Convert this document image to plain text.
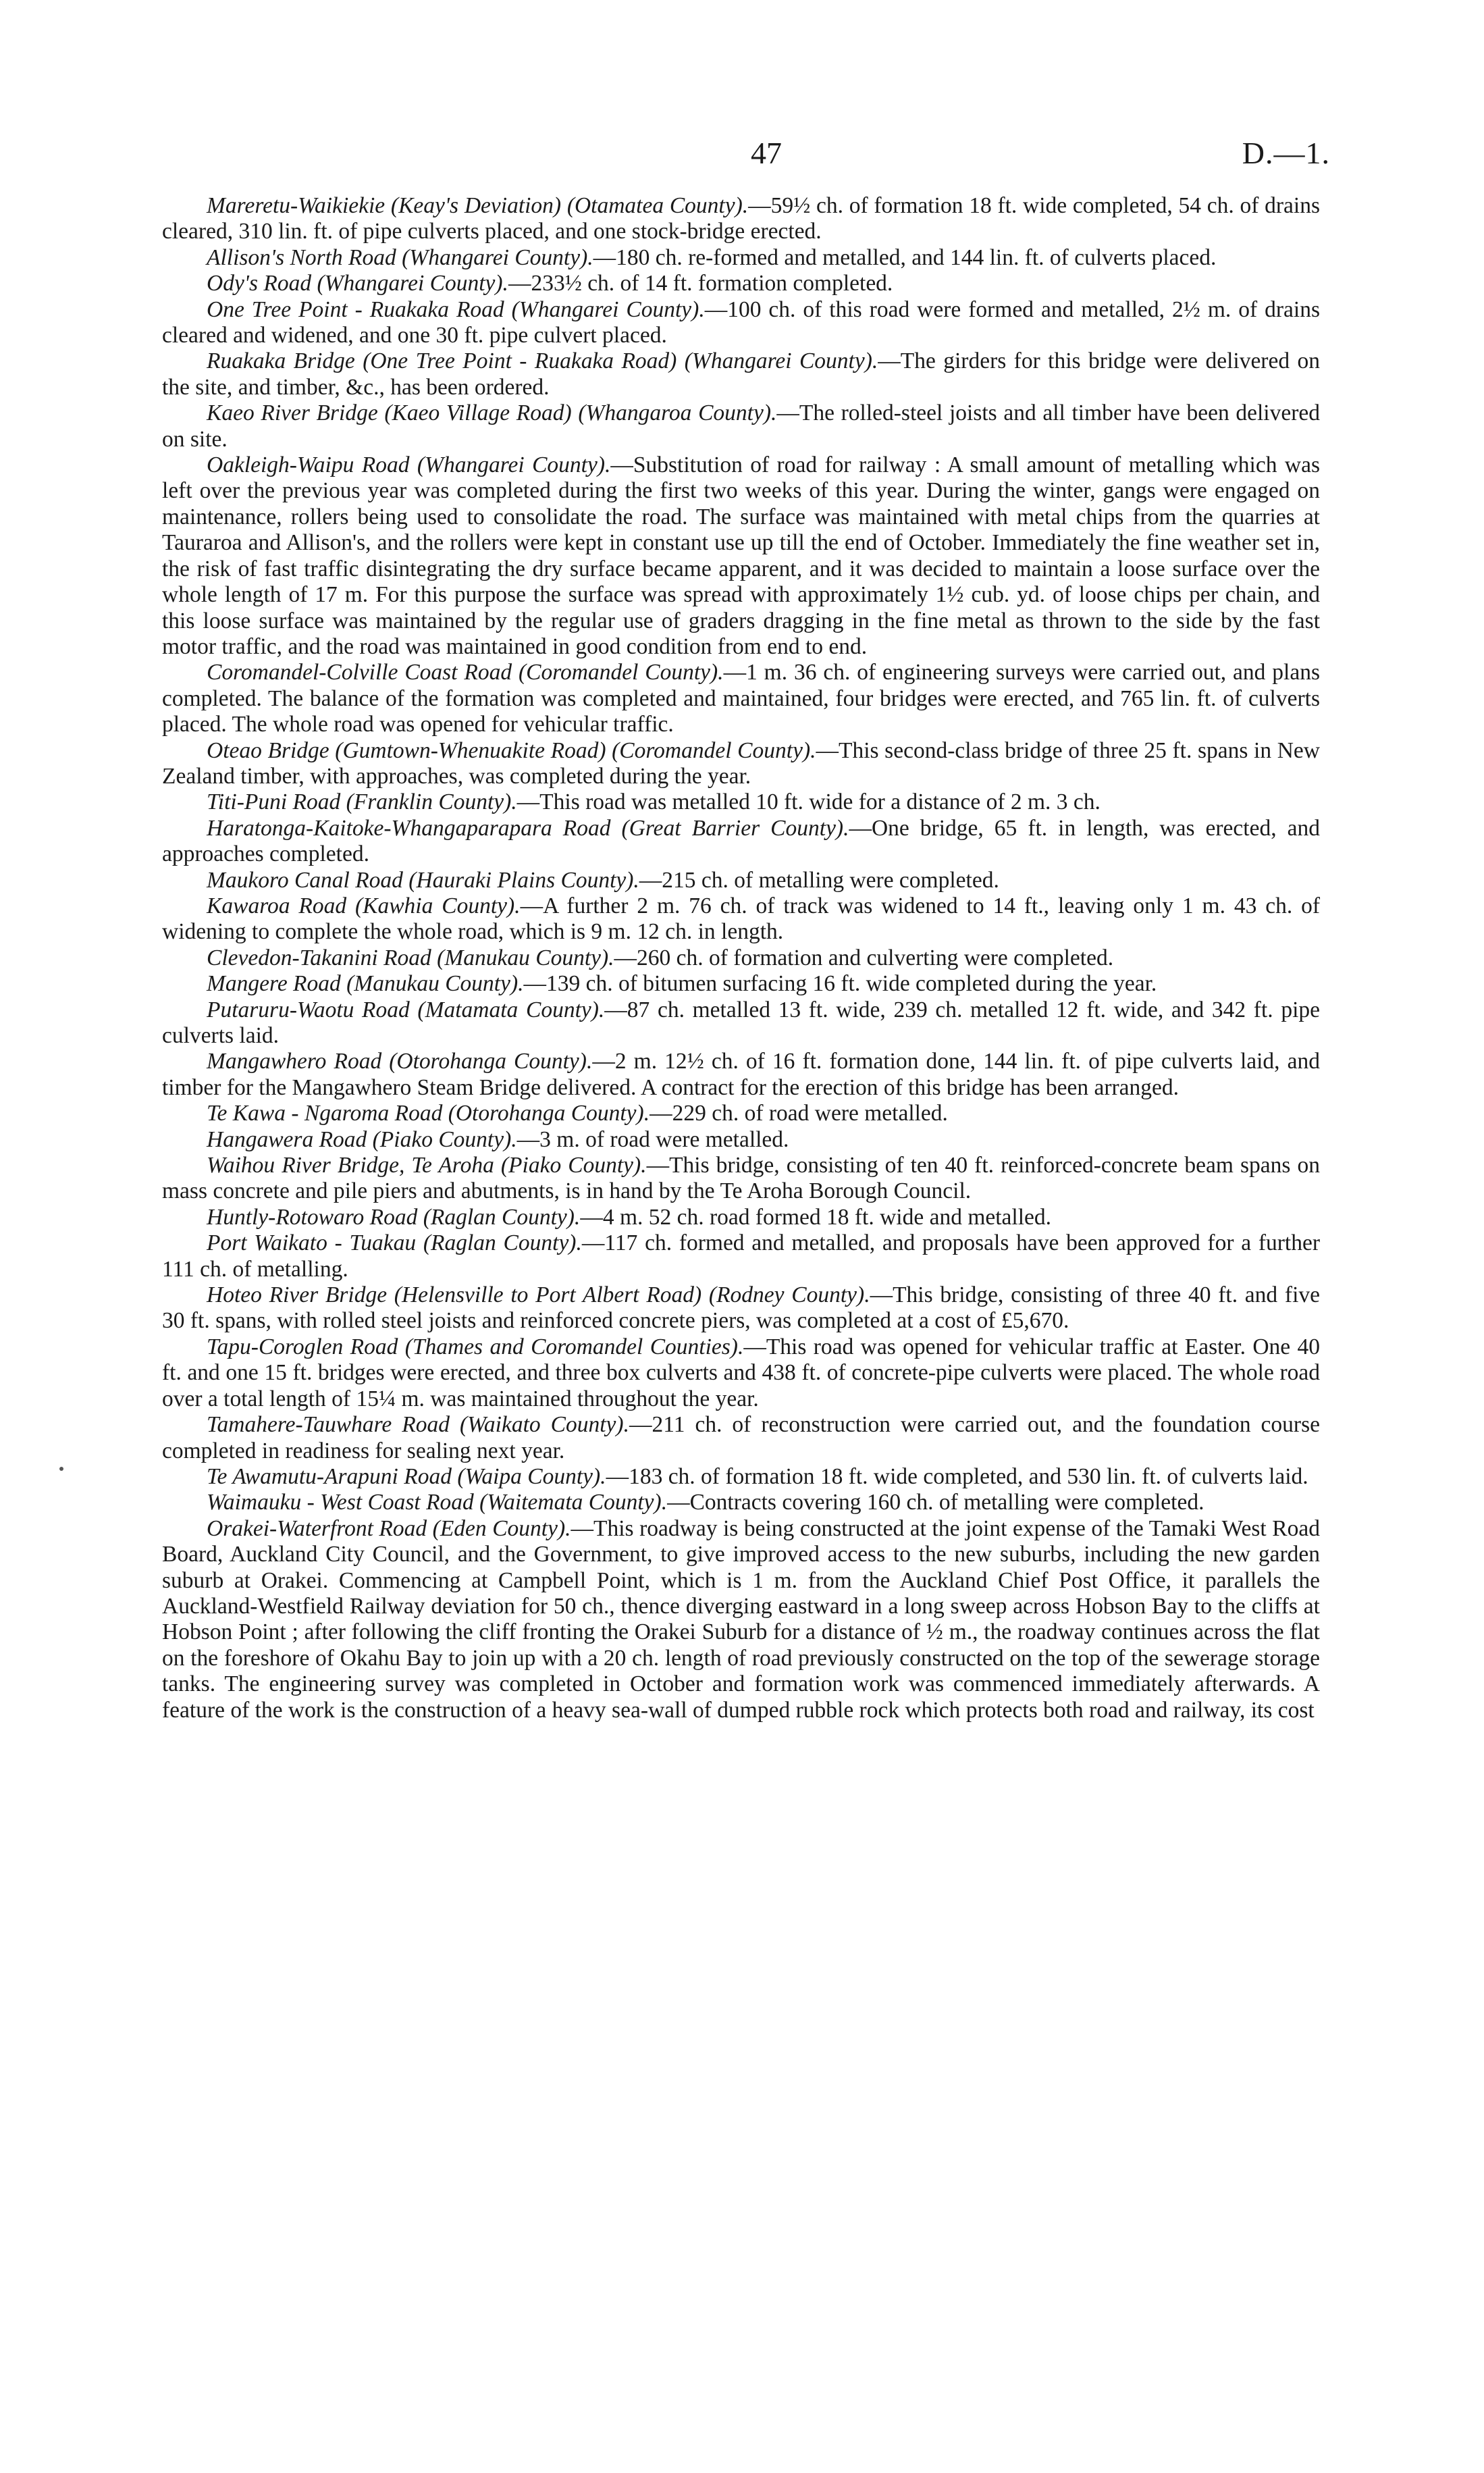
47	D.—1.

Mareretu-Waikiekie (Keay's Deviation) (Otamatea County).—59½ ch. of formation 18 ft. wide completed, 54 ch. of drains cleared, 310 lin. ft. of pipe culverts placed, and one stock-bridge erected.

Allison's North Road (Whangarei County).—180 ch. re-formed and metalled, and 144 lin. ft. of culverts placed.

Ody's Road (Whangarei County).—233½ ch. of 14 ft. formation completed.

One Tree Point - Ruakaka Road (Whangarei County).—100 ch. of this road were formed and metalled, 2½ m. of drains cleared and widened, and one 30 ft. pipe culvert placed.

Ruakaka Bridge (One Tree Point - Ruakaka Road) (Whangarei County).—The girders for this bridge were delivered on the site, and timber, &c., has been ordered.

Kaeo River Bridge (Kaeo Village Road) (Whangaroa County).—The rolled-steel joists and all timber have been delivered on site.

Oakleigh-Waipu Road (Whangarei County).—Substitution of road for railway : A small amount of metalling which was left over the previous year was completed during the first two weeks of this year. During the winter, gangs were engaged on maintenance, rollers being used to consolidate the road. The surface was maintained with metal chips from the quarries at Tauraroa and Allison's, and the rollers were kept in constant use up till the end of October. Immediately the fine weather set in, the risk of fast traffic disintegrating the dry surface became apparent, and it was decided to maintain a loose surface over the whole length of 17 m. For this purpose the surface was spread with approximately 1½ cub. yd. of loose chips per chain, and this loose surface was maintained by the regular use of graders dragging in the fine metal as thrown to the side by the fast motor traffic, and the road was maintained in good condition from end to end.

Coromandel-Colville Coast Road (Coromandel County).—1 m. 36 ch. of engineering surveys were carried out, and plans completed. The balance of the formation was completed and maintained, four bridges were erected, and 765 lin. ft. of culverts placed. The whole road was opened for vehicular traffic.

Oteao Bridge (Gumtown-Whenuakite Road) (Coromandel County).—This second-class bridge of three 25 ft. spans in New Zealand timber, with approaches, was completed during the year.

Titi-Puni Road (Franklin County).—This road was metalled 10 ft. wide for a distance of 2 m. 3 ch.

Haratonga-Kaitoke-Whangaparapara Road (Great Barrier County).—One bridge, 65 ft. in length, was erected, and approaches completed.

Maukoro Canal Road (Hauraki Plains County).—215 ch. of metalling were completed.

Kawaroa Road (Kawhia County).—A further 2 m. 76 ch. of track was widened to 14 ft., leaving only 1 m. 43 ch. of widening to complete the whole road, which is 9 m. 12 ch. in length.

Clevedon-Takanini Road (Manukau County).—260 ch. of formation and culverting were completed.

Mangere Road (Manukau County).—139 ch. of bitumen surfacing 16 ft. wide completed during the year.

Putaruru-Waotu Road (Matamata County).—87 ch. metalled 13 ft. wide, 239 ch. metalled 12 ft. wide, and 342 ft. pipe culverts laid.

Mangawhero Road (Otorohanga County).—2 m. 12½ ch. of 16 ft. formation done, 144 lin. ft. of pipe culverts laid, and timber for the Mangawhero Steam Bridge delivered. A contract for the erection of this bridge has been arranged.

Te Kawa - Ngaroma Road (Otorohanga County).—229 ch. of road were metalled.

Hangawera Road (Piako County).—3 m. of road were metalled.

Waihou River Bridge, Te Aroha (Piako County).—This bridge, consisting of ten 40 ft. reinforced-concrete beam spans on mass concrete and pile piers and abutments, is in hand by the Te Aroha Borough Council.

Huntly-Rotowaro Road (Raglan County).—4 m. 52 ch. road formed 18 ft. wide and metalled.

Port Waikato - Tuakau (Raglan County).—117 ch. formed and metalled, and proposals have been approved for a further 111 ch. of metalling.

Hoteo River Bridge (Helensville to Port Albert Road) (Rodney County).—This bridge, consisting of three 40 ft. and five 30 ft. spans, with rolled steel joists and reinforced concrete piers, was completed at a cost of £5,670.

Tapu-Coroglen Road (Thames and Coromandel Counties).—This road was opened for vehicular traffic at Easter. One 40 ft. and one 15 ft. bridges were erected, and three box culverts and 438 ft. of concrete-pipe culverts were placed. The whole road over a total length of 15¼ m. was maintained throughout the year.

Tamahere-Tauwhare Road (Waikato County).—211 ch. of reconstruction were carried out, and the foundation course completed in readiness for sealing next year.

Te Awamutu-Arapuni Road (Waipa County).—183 ch. of formation 18 ft. wide completed, and 530 lin. ft. of culverts laid.

Waimauku - West Coast Road (Waitemata County).—Contracts covering 160 ch. of metalling were completed.

Orakei-Waterfront Road (Eden County).—This roadway is being constructed at the joint expense of the Tamaki West Road Board, Auckland City Council, and the Government, to give improved access to the new suburbs, including the new garden suburb at Orakei. Commencing at Campbell Point, which is 1 m. from the Auckland Chief Post Office, it parallels the Auckland-Westfield Railway deviation for 50 ch., thence diverging eastward in a long sweep across Hobson Bay to the cliffs at Hobson Point ; after following the cliff fronting the Orakei Suburb for a distance of ½ m., the roadway continues across the flat on the foreshore of Okahu Bay to join up with a 20 ch. length of road previously constructed on the top of the sewerage storage tanks. The engineering survey was completed in October and formation work was commenced immediately afterwards. A feature of the work is the construction of a heavy sea-wall of dumped rubble rock which protects both road and railway, its cost
